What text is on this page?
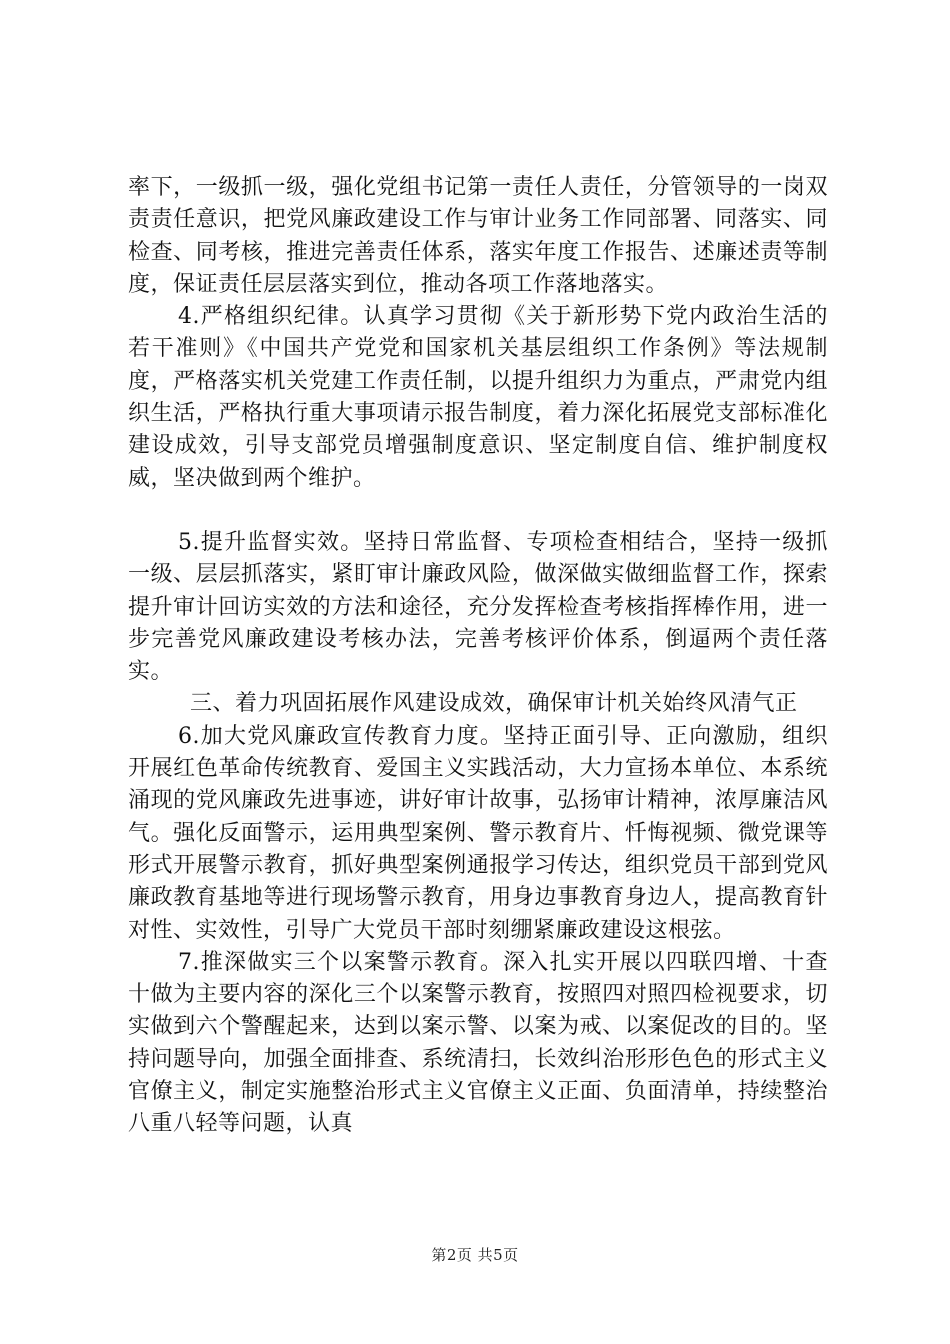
率下，一级抓一级，强化党组书记第一责任人责任，分管领导的一岗双责责任意识，把党风廉政建设工作与审计业务工作同部署、同落实、同检查、同考核，推进完善责任体系，落实年度工作报告、述廉述责等制度，保证责任层层落实到位，推动各项工作落地落实。

4.严格组织纪律。认真学习贯彻《关于新形势下党内政治生活的若干准则》《中国共产党党和国家机关基层组织工作条例》等法规制度，严格落实机关党建工作责任制，以提升组织力为重点，严肃党内组织生活，严格执行重大事项请示报告制度，着力深化拓展党支部标准化建设成效，引导支部党员增强制度意识、坚定制度自信、维护制度权威，坚决做到两个维护。

5.提升监督实效。坚持日常监督、专项检查相结合，坚持一级抓一级、层层抓落实，紧盯审计廉政风险，做深做实做细监督工作，探索提升审计回访实效的方法和途径，充分发挥检查考核指挥棒作用，进一步完善党风廉政建设考核办法，完善考核评价体系，倒逼两个责任落实。

三、着力巩固拓展作风建设成效，确保审计机关始终风清气正

6.加大党风廉政宣传教育力度。坚持正面引导、正向激励，组织开展红色革命传统教育、爱国主义实践活动，大力宣扬本单位、本系统涌现的党风廉政先进事迹，讲好审计故事，弘扬审计精神，浓厚廉洁风气。强化反面警示，运用典型案例、警示教育片、忏悔视频、微党课等形式开展警示教育，抓好典型案例通报学习传达，组织党员干部到党风廉政教育基地等进行现场警示教育，用身边事教育身边人，提高教育针对性、实效性，引导广大党员干部时刻绷紧廉政建设这根弦。

7.推深做实三个以案警示教育。深入扎实开展以四联四增、十查十做为主要内容的深化三个以案警示教育，按照四对照四检视要求，切实做到六个警醒起来，达到以案示警、以案为戒、以案促改的目的。坚持问题导向，加强全面排查、系统清扫，长效纠治形形色色的形式主义官僚主义，制定实施整治形式主义官僚主义正面、负面清单，持续整治八重八轻等问题，认真

第2页 共5页
